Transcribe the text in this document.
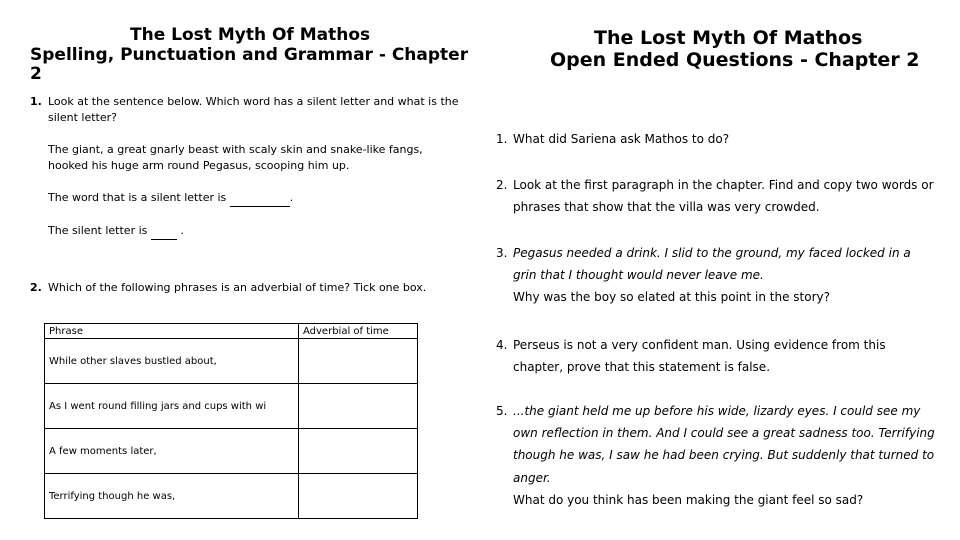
The Lost Myth Of Mathos
Spelling, Punctuation and Grammar - Chapter 2
1. Look at the sentence below. Which word has a silent letter and what is the silent letter?

The giant, a great gnarly beast with scaly skin and snake-like fangs, hooked his huge arm round Pegasus, scooping him up.

The word that is a silent letter is	.

The silent letter is	.

2. Which of the following phrases is an adverbial of time? Tick one box.

Phrase	Adverbial of time
While other slaves bustled about,	
As I went round filling jars and cups with wi	
A few moments later,	
Terrifying though he was,	
The Lost Myth Of Mathos
Open Ended Questions - Chapter 2
1. What did Sariena ask Mathos to do?

2. Look at the first paragraph in the chapter. Find and copy two words or phrases that show that the villa was very crowded.

3. Pegasus needed a drink. I slid to the ground, my faced locked in a grin that I thought would never leave me.

Why was the boy so elated at this point in the story?

4. Perseus is not a very confident man. Using evidence from this chapter, prove that this statement is false.

5. ...the giant held me up before his wide, lizardy eyes. I could see my own reflection in them. And I could see a great sadness too. Terrifying though he was, I saw he had been crying. But suddenly that turned to anger.

What do you think has been making the giant feel so sad?
